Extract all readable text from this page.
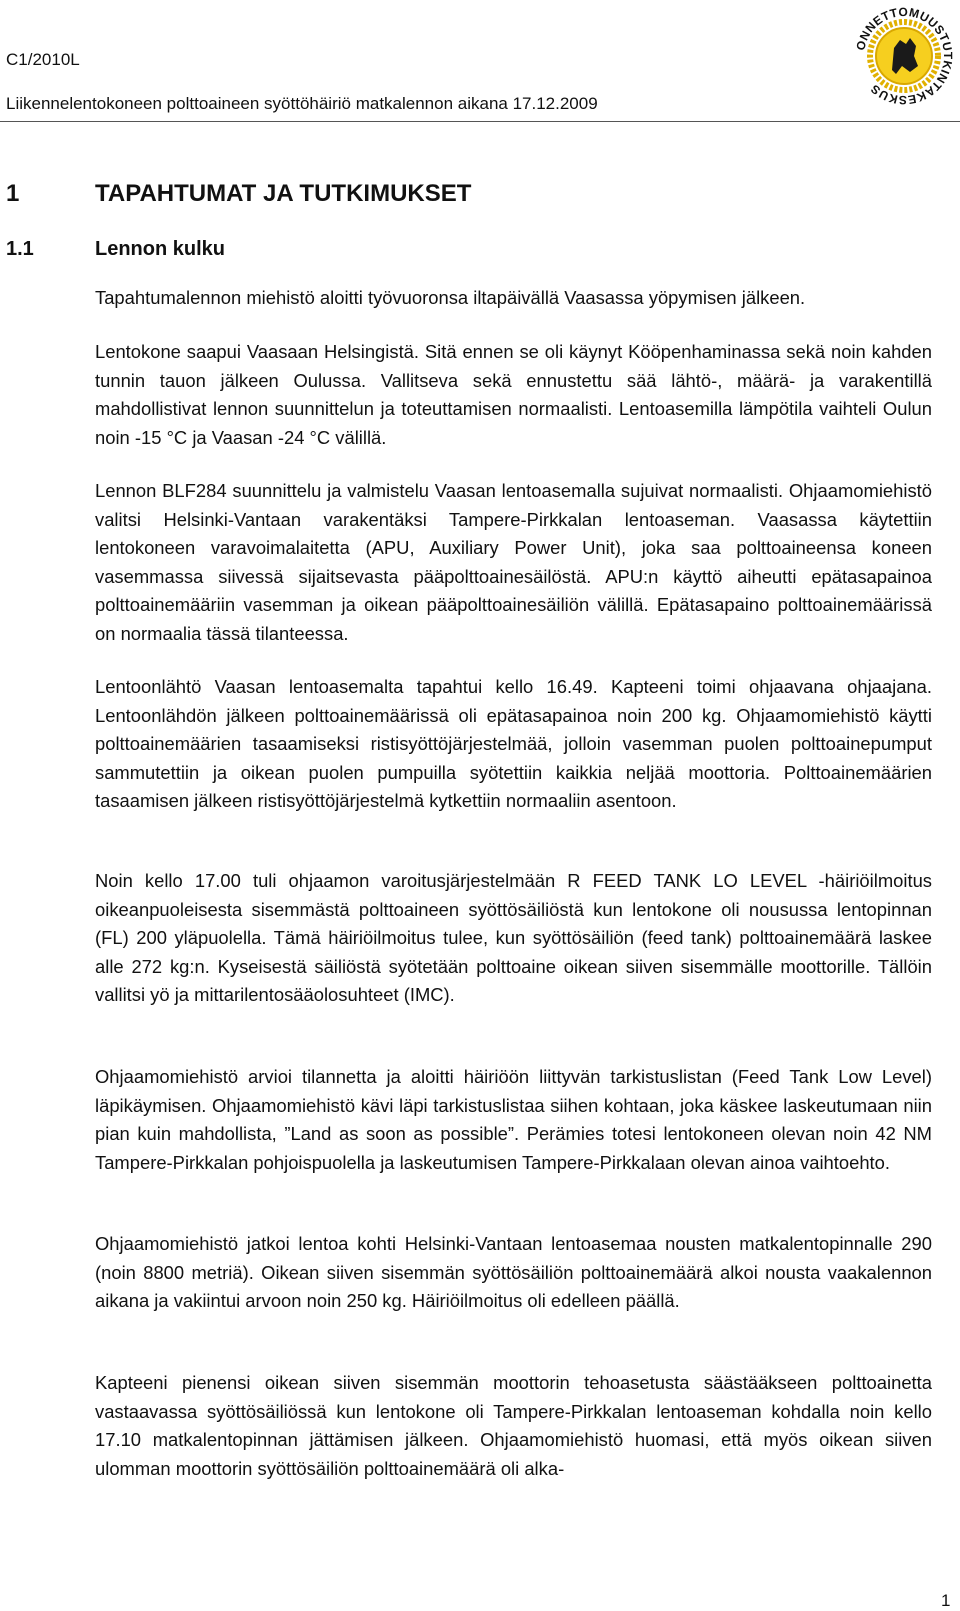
C1/2010L
Liikennelentokoneen polttoaineen syöttöhäiriö matkalennon aikana 17.12.2009
ONNETTOMUUSTUTKINTAKESKUS
1	TAPAHTUMAT JA TUTKIMUKSET
1.1	Lennon kulku

Tapahtumalennon miehistö aloitti työvuoronsa iltapäivällä Vaasassa yöpymisen jälkeen.

Lentokone saapui Vaasaan Helsingistä. Sitä ennen se oli käynyt Kööpenhaminassa sekä noin kahden tunnin tauon jälkeen Oulussa. Vallitseva sekä ennustettu sää lähtö-, määrä- ja varakentillä mahdollistivat lennon suunnittelun ja toteuttamisen normaalisti. Lentoasemilla lämpötila vaihteli Oulun noin -15 °C ja Vaasan -24 °C välillä.

Lennon BLF284 suunnittelu ja valmistelu Vaasan lentoasemalla sujuivat normaalisti. Ohjaamomiehistö valitsi Helsinki-Vantaan varakentäksi Tampere-Pirkkalan lentoaseman. Vaasassa käytettiin lentokoneen varavoimalaitetta (APU, Auxiliary Power Unit), joka saa polttoaineensa koneen vasemmassa siivessä sijaitsevasta pääpolttoainesäilöstä. APU:n käyttö aiheutti epätasapainoa polttoainemääriin vasemman ja oikean pääpolttoainesäiliön välillä. Epätasapaino polttoainemäärissä on normaalia tässä tilanteessa.

Lentoonlähtö Vaasan lentoasemalta tapahtui kello 16.49. Kapteeni toimi ohjaavana ohjaajana. Lentoonlähdön jälkeen polttoainemäärissä oli epätasapainoa noin 200 kg. Ohjaamomiehistö käytti polttoainemäärien tasaamiseksi ristisyöttöjärjestelmää, jolloin vasemman puolen polttoainepumput sammutettiin ja oikean puolen pumpuilla syötettiin kaikkia neljää moottoria. Polttoainemäärien tasaamisen jälkeen ristisyöttöjärjestelmä kytkettiin normaaliin asentoon.

Noin kello 17.00 tuli ohjaamon varoitusjärjestelmään R FEED TANK LO LEVEL -häiriöilmoitus oikeanpuoleisesta sisemmästä polttoaineen syöttösäiliöstä kun lentokone oli nousussa lentopinnan (FL) 200 yläpuolella. Tämä häiriöilmoitus tulee, kun syöttösäiliön (feed tank) polttoainemäärä laskee alle 272 kg:n. Kyseisestä säiliöstä syötetään polttoaine oikean siiven sisemmälle moottorille. Tällöin vallitsi yö ja mittarilentosääolosuhteet (IMC).

Ohjaamomiehistö arvioi tilannetta ja aloitti häiriöön liittyvän tarkistuslistan (Feed Tank Low Level) läpikäymisen. Ohjaamomiehistö kävi läpi tarkistuslistaa siihen kohtaan, joka käskee laskeutumaan niin pian kuin mahdollista, ”Land as soon as possible”. Perämies totesi lentokoneen olevan noin 42 NM Tampere-Pirkkalan pohjoispuolella ja laskeutumisen Tampere-Pirkkalaan olevan ainoa vaihtoehto.

Ohjaamomiehistö jatkoi lentoa kohti Helsinki-Vantaan lentoasemaa nousten matkalentopinnalle 290 (noin 8800 metriä). Oikean siiven sisemmän syöttösäiliön polttoainemäärä alkoi nousta vaakalennon aikana ja vakiintui arvoon noin 250 kg. Häiriöilmoitus oli edelleen päällä.

Kapteeni pienensi oikean siiven sisemmän moottorin tehoasetusta säästääkseen polttoainetta vastaavassa syöttösäiliössä kun lentokone oli Tampere-Pirkkalan lentoaseman kohdalla noin kello 17.10 matkalentopinnan jättämisen jälkeen. Ohjaamomiehistö huomasi, että myös oikean siiven ulomman moottorin syöttösäiliön polttoainemäärä oli alka-

1
